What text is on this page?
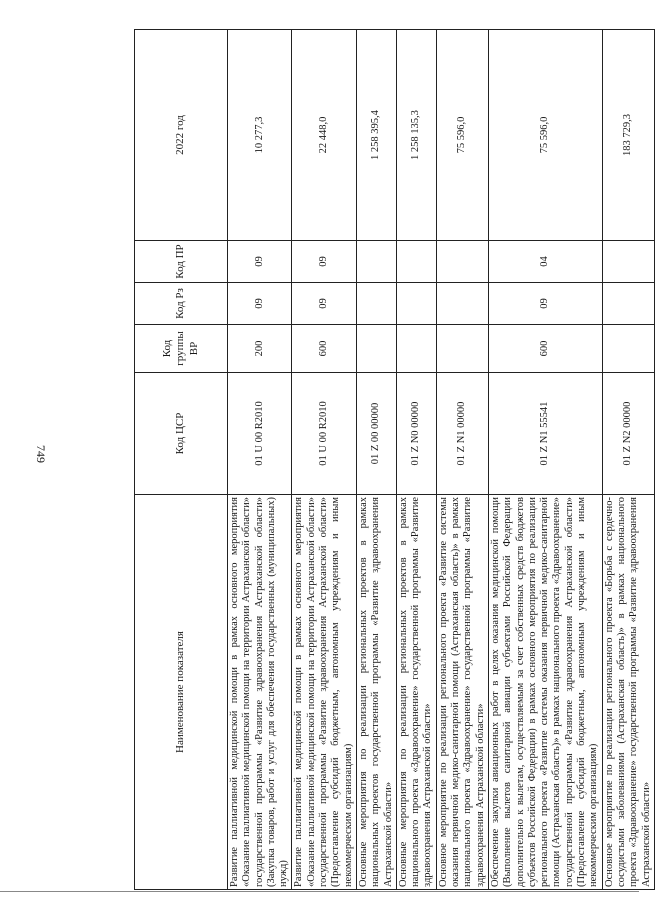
749
Наименование показателя	Код ЦСР	Код группы ВР	Код Рз	Код ПР	2022 год
Развитие паллиативной медицинской помощи в рамках основного мероприятия «Оказание паллиативной медицинской помощи на территории Астраханской области» государственной программы «Развитие здравоохранения Астраханской области» (Закупка товаров, работ и услуг для обеспечения государственных (муниципальных) нужд)	01 U 00 R2010	200	09	09	10 277,3
Развитие паллиативной медицинской помощи в рамках основного мероприятия «Оказание паллиативной медицинской помощи на территории Астраханской области» государственной программы «Развитие здравоохранения Астраханской области» (Предоставление субсидий бюджетным, автономным учреждениям и иным некоммерческим организациям)	01 U 00 R2010	600	09	09	22 448,0
Основные мероприятия по реализации региональных проектов в рамках национальных проектов государственной программы «Развитие здравоохранения Астраханской области»	01 Z 00 00000				1 258 395,4
Основные мероприятия по реализации региональных проектов в рамках национального проекта «Здравоохранение» государственной программы «Развитие здравоохранения Астраханской области»	01 Z N0 00000				1 258 135,3
Основное мероприятие по реализации регионального проекта «Развитие системы оказания первичной медико-санитарной помощи (Астраханская область)» в рамках национального проекта «Здравоохранение» государственной программы «Развитие здравоохранения Астраханской области»	01 Z N1 00000				75 596,0
Обеспечение закупки авиационных работ в целях оказания медицинской помощи (Выполнение вылетов санитарной авиации субъектами Российской Федерации дополнительно к вылетам, осуществляемым за счет собственных средств бюджетов субъектов Российской Федерации) в рамках основного мероприятия по реализации регионального проекта «Развитие системы оказания первичной медико-санитарной помощи (Астраханская область)» в рамках национального проекта «Здравоохранение» государственной программы «Развитие здравоохранения Астраханской области» (Предоставление субсидий бюджетным, автономным учреждениям и иным некоммерческим организациям)	01 Z N1 55541	600	09	04	75 596,0
Основное мероприятие по реализации регионального проекта «Борьба с сердечно-сосудистыми заболеваниями (Астраханская область)» в рамках национального проекта «Здравоохранение» государственной программы «Развитие здравоохранения Астраханской области»	01 Z N2 00000				183 729,3
